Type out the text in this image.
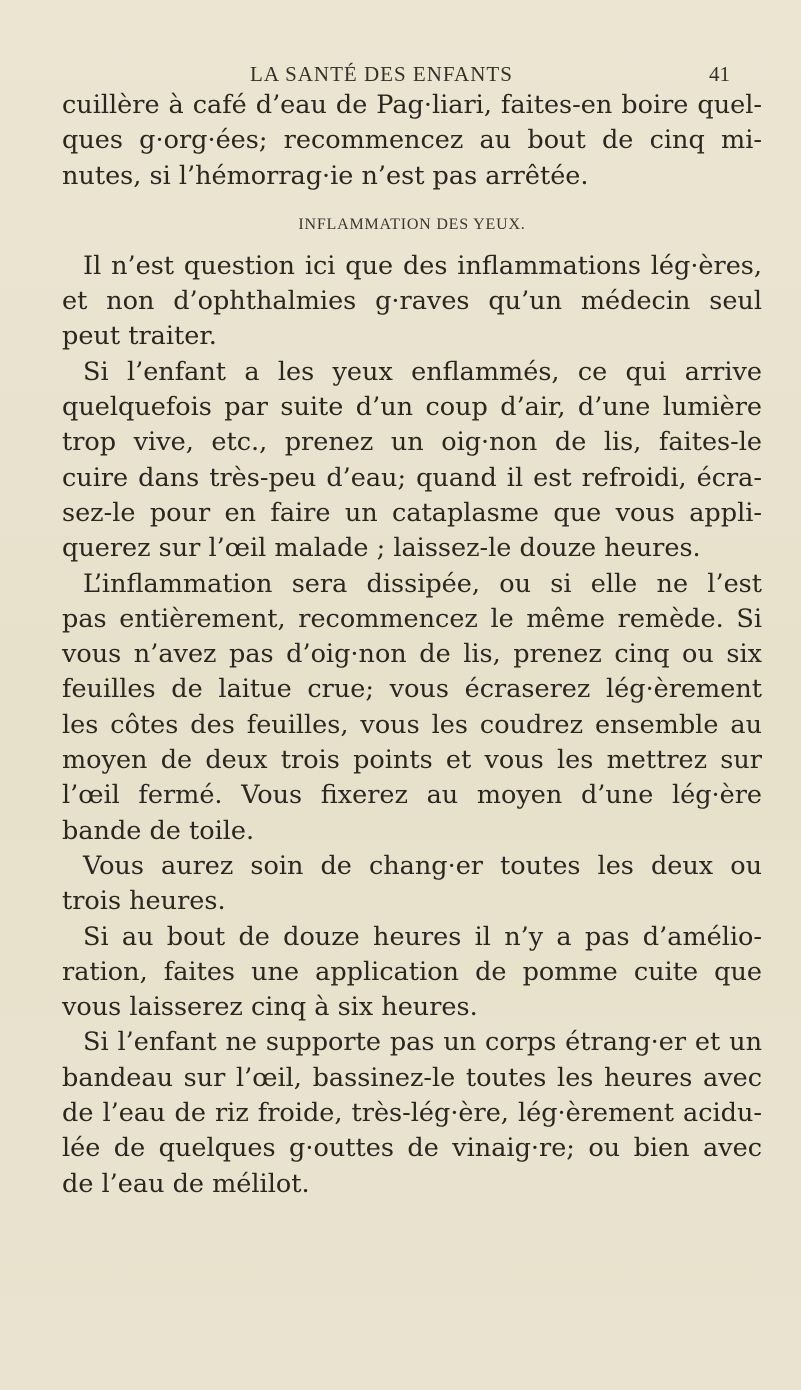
LA SANTÉ DES ENFANTS	41
cuillère à café d’eau de Pag·liari, faites-en boire quel-
ques g·org·ées; recommencez au bout de cinq mi-
nutes, si l’hémorrag·ie n’est pas arrêtée.
INFLAMMATION DES YEUX.
Il n’est question ici que des inflammations lég·ères,
et non d’ophthalmies g·raves qu’un médecin seul
peut traiter.
Si l’enfant a les yeux enflammés, ce qui arrive
quelquefois par suite d’un coup d’air, d’une lumière
trop vive, etc., prenez un oig·non de lis, faites-le
cuire dans très-peu d’eau; quand il est refroidi, écra-
sez-le pour en faire un cataplasme que vous appli-
querez sur l’œil malade ; laissez-le douze heures.
L’inflammation sera dissipée, ou si elle ne l’est
pas entièrement, recommencez le même remède. Si
vous n’avez pas d’oig·non de lis, prenez cinq ou six
feuilles de laitue crue; vous écraserez lég·èrement
les côtes des feuilles, vous les coudrez ensemble au
moyen de deux trois points et vous les mettrez sur
l’œil fermé. Vous fixerez au moyen d’une lég·ère
bande de toile.
Vous aurez soin de chang·er toutes les deux ou
trois heures.
Si au bout de douze heures il n’y a pas d’amélio-
ration, faites une application de pomme cuite que
vous laisserez cinq à six heures.
Si l’enfant ne supporte pas un corps étrang·er et un
bandeau sur l’œil, bassinez-le toutes les heures avec
de l’eau de riz froide, très-lég·ère, lég·èrement acidu-
lée de quelques g·outtes de vinaig·re; ou bien avec
de l’eau de mélilot.
